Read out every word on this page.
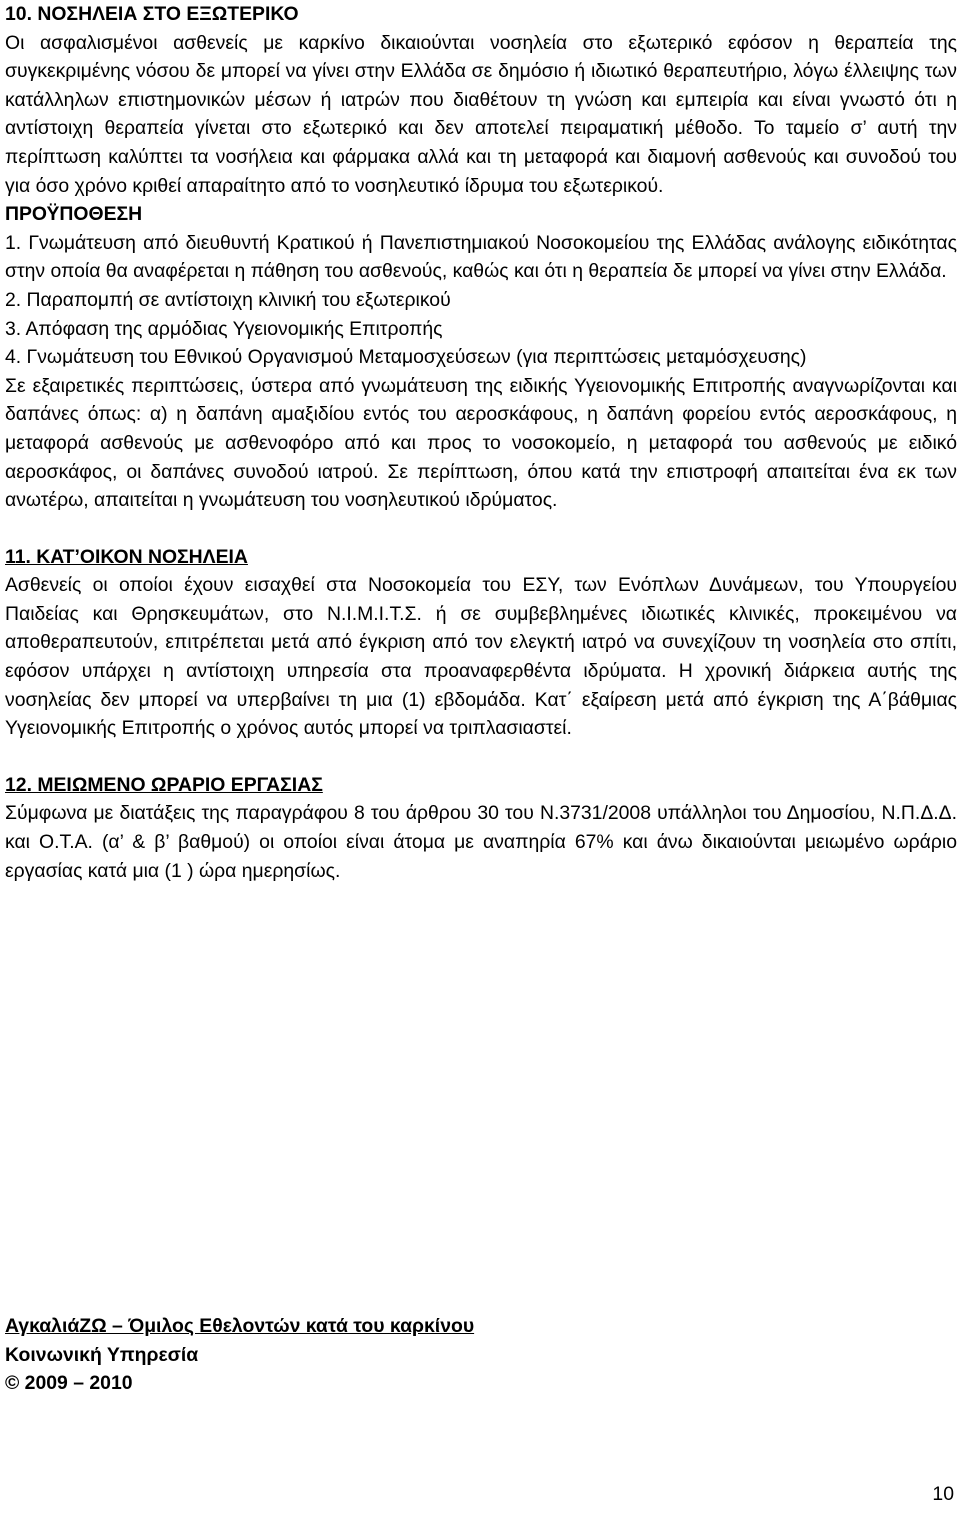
10. ΝΟΣΗΛΕΙΑ ΣΤΟ ΕΞΩΤΕΡΙΚΟ

Οι ασφαλισμένοι ασθενείς με καρκίνο δικαιούνται νοσηλεία στο εξωτερικό εφόσον η θεραπεία της συγκεκριμένης νόσου δε μπορεί να γίνει στην Ελλάδα σε δημόσιο ή ιδιωτικό θεραπευτήριο, λόγω έλλειψης των κατάλληλων επιστημονικών μέσων ή ιατρών που διαθέτουν τη γνώση και εμπειρία και είναι γνωστό ότι η αντίστοιχη θεραπεία γίνεται στο εξωτερικό και δεν αποτελεί πειραματική μέθοδο. Το ταμείο σ’ αυτή την περίπτωση καλύπτει τα νοσήλεια και φάρμακα αλλά και τη μεταφορά και διαμονή ασθενούς και συνοδού του για όσο χρόνο κριθεί απαραίτητο από το νοσηλευτικό ίδρυμα του εξωτερικού.

ΠΡΟΫΠΟΘΕΣΗ

1. Γνωμάτευση από διευθυντή Κρατικού ή Πανεπιστημιακού Νοσοκομείου της Ελλάδας ανάλογης ειδικότητας στην οποία θα αναφέρεται η πάθηση του ασθενούς, καθώς και ότι η θεραπεία δε μπορεί να γίνει στην Ελλάδα.

2. Παραπομπή σε αντίστοιχη κλινική του εξωτερικού

3. Απόφαση της αρμόδιας Υγειονομικής Επιτροπής

4. Γνωμάτευση του Εθνικού Οργανισμού Μεταμοσχεύσεων (για περιπτώσεις μεταμόσχευσης)

Σε εξαιρετικές περιπτώσεις, ύστερα από γνωμάτευση της ειδικής Υγειονομικής Επιτροπής αναγνωρίζονται και δαπάνες όπως: α) η δαπάνη αμαξιδίου εντός του αεροσκάφους, η δαπάνη φορείου εντός αεροσκάφους, η μεταφορά ασθενούς με ασθενοφόρο από και προς το νοσοκομείο, η μεταφορά του ασθενούς με ειδικό αεροσκάφος, οι δαπάνες συνοδού ιατρού. Σε περίπτωση, όπου κατά την επιστροφή απαιτείται ένα εκ των ανωτέρω, απαιτείται η γνωμάτευση του νοσηλευτικού ιδρύματος.

11. ΚΑΤ’ΟΙΚΟΝ ΝΟΣΗΛΕΙΑ

Ασθενείς οι οποίοι έχουν εισαχθεί στα Νοσοκομεία του ΕΣΥ, των Ενόπλων Δυνάμεων, του Υπουργείου Παιδείας και Θρησκευμάτων, στο Ν.Ι.Μ.Ι.Τ.Σ. ή σε συμβεβλημένες ιδιωτικές κλινικές, προκειμένου να αποθεραπευτούν, επιτρέπεται μετά από έγκριση από τον ελεγκτή ιατρό να συνεχίζουν τη νοσηλεία στο σπίτι, εφόσον υπάρχει η αντίστοιχη υπηρεσία στα προαναφερθέντα ιδρύματα. Η χρονική διάρκεια αυτής της νοσηλείας δεν μπορεί να υπερβαίνει τη μια (1) εβδομάδα. Κατ΄ εξαίρεση μετά από έγκριση της Α΄βάθμιας Υγειονομικής Επιτροπής ο χρόνος αυτός μπορεί να τριπλασιαστεί.

12. ΜΕΙΩΜΕΝΟ ΩΡΑΡΙΟ ΕΡΓΑΣΙΑΣ

Σύμφωνα με διατάξεις της παραγράφου 8 του άρθρου 30 του Ν.3731/2008 υπάλληλοι του Δημοσίου, Ν.Π.Δ.Δ. και Ο.Τ.Α. (α’ & β’ βαθμού) οι οποίοι είναι άτομα με αναπηρία 67% και άνω δικαιούνται μειωμένο ωράριο εργασίας κατά μια (1 ) ώρα ημερησίως.

ΑγκαλιάΖΩ – Όμιλος Εθελοντών κατά του καρκίνου
Κοινωνική Υπηρεσία
© 2009 – 2010
10
